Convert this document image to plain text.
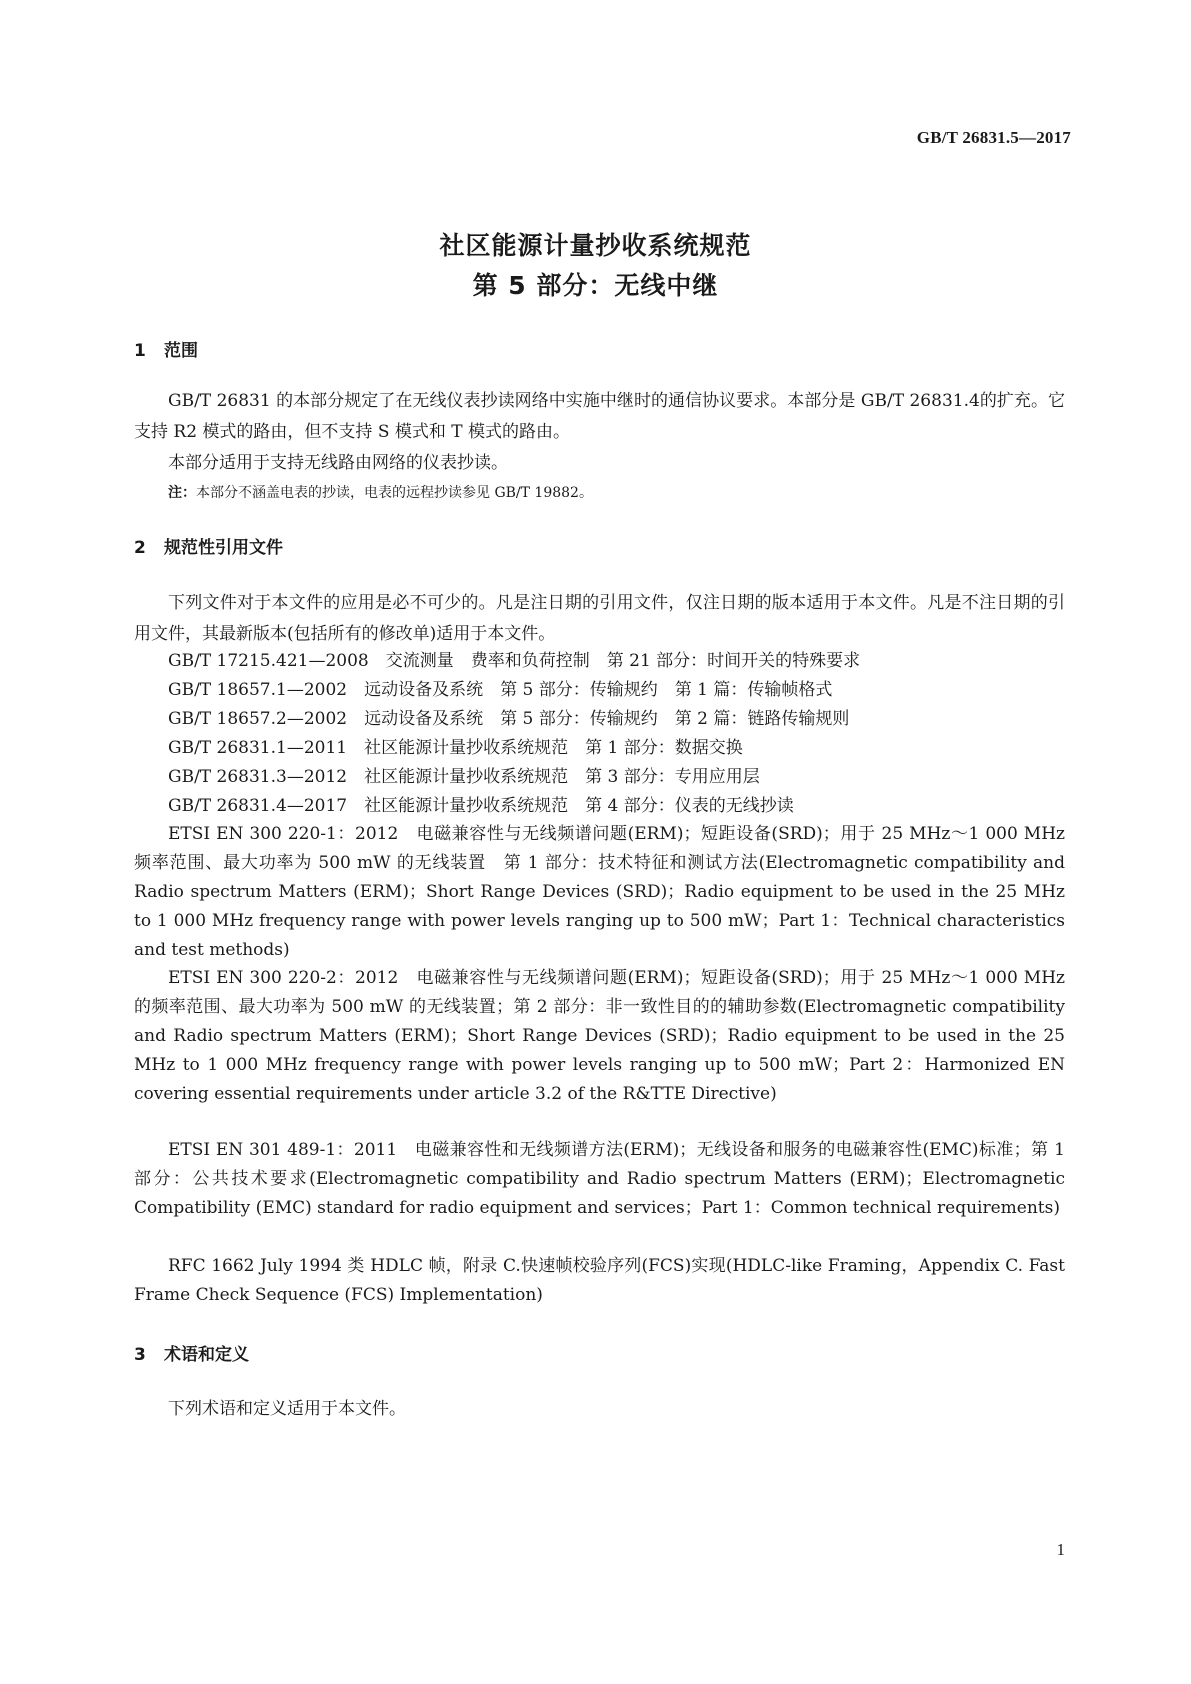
GB/T 26831.5—2017
社区能源计量抄收系统规范
第 5 部分：无线中继
1 范围
GB/T 26831 的本部分规定了在无线仪表抄读网络中实施中继时的通信协议要求。本部分是 GB/T 26831.4的扩充。它支持 R2 模式的路由，但不支持 S 模式和 T 模式的路由。
本部分适用于支持无线路由网络的仪表抄读。
注：本部分不涵盖电表的抄读，电表的远程抄读参见 GB/T 19882。
2 规范性引用文件
下列文件对于本文件的应用是必不可少的。凡是注日期的引用文件，仅注日期的版本适用于本文件。凡是不注日期的引用文件，其最新版本(包括所有的修改单)适用于本文件。
GB/T 17215.421—2008　交流测量　费率和负荷控制　第 21 部分：时间开关的特殊要求
GB/T 18657.1—2002　远动设备及系统　第 5 部分：传输规约　第 1 篇：传输帧格式
GB/T 18657.2—2002　远动设备及系统　第 5 部分：传输规约　第 2 篇：链路传输规则
GB/T 26831.1—2011　社区能源计量抄收系统规范　第 1 部分：数据交换
GB/T 26831.3—2012　社区能源计量抄收系统规范　第 3 部分：专用应用层
GB/T 26831.4—2017　社区能源计量抄收系统规范　第 4 部分：仪表的无线抄读
ETSI EN 300 220-1：2012　电磁兼容性与无线频谱问题(ERM)；短距设备(SRD)；用于 25 MHz～1 000 MHz 频率范围、最大功率为 500 mW 的无线装置　第 1 部分：技术特征和测试方法(Electromagnetic compatibility and Radio spectrum Matters (ERM)；Short Range Devices (SRD)；Radio equipment to be used in the 25 MHz to 1 000 MHz frequency range with power levels ranging up to 500 mW；Part 1：Technical characteristics and test methods)
ETSI EN 300 220-2：2012　电磁兼容性与无线频谱问题(ERM)；短距设备(SRD)；用于 25 MHz～1 000 MHz 的频率范围、最大功率为 500 mW 的无线装置；第 2 部分：非一致性目的的辅助参数(Electromagnetic compatibility and Radio spectrum Matters (ERM)；Short Range Devices (SRD)；Radio equipment to be used in the 25 MHz to 1 000 MHz frequency range with power levels ranging up to 500 mW；Part 2：Harmonized EN covering essential requirements under article 3.2 of the R&TTE Directive)
ETSI EN 301 489-1：2011　电磁兼容性和无线频谱方法(ERM)；无线设备和服务的电磁兼容性(EMC)标准；第 1 部分：公共技术要求(Electromagnetic compatibility and Radio spectrum Matters (ERM)；Electromagnetic Compatibility (EMC) standard for radio equipment and services；Part 1：Common technical requirements)
RFC 1662 July 1994 类 HDLC 帧，附录 C.快速帧校验序列(FCS)实现(HDLC-like Framing，Appendix C. Fast Frame Check Sequence (FCS) Implementation)
3 术语和定义
下列术语和定义适用于本文件。
1
